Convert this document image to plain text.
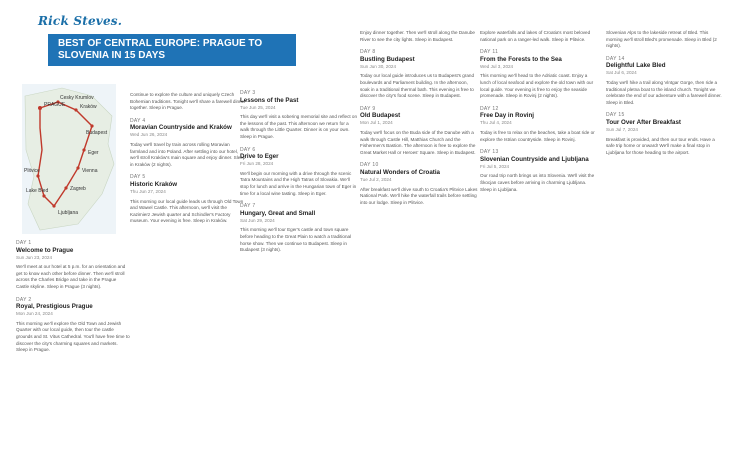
Rick Steves.
BEST OF CENTRAL EUROPE: PRAGUE TO SLOVENIA IN 15 DAYS
PRAGUE
Cesky Krumlov
Kraków
Budapest
Eger
Vienna
Zagreb
Ljubljana
Lake Bled
Plitvice
DAY 1
Welcome to Prague
Sun Jun 23, 2024
We'll meet at our hotel at 5 p.m. for an orientation and get to know each other before dinner. Then we'll stroll across the Charles Bridge and take in the Prague Castle skyline. Sleep in Prague (3 nights).
DAY 2
Royal, Prestigious Prague
Mon Jun 24, 2024
This morning we'll explore the Old Town and Jewish Quarter with our local guide, then tour the castle grounds and St. Vitus Cathedral. You'll have free time to discover the city's charming squares and markets. Sleep in Prague.
Continue to explore the culture and uniquely Czech Bohemian traditions. Tonight we'll share a farewell dinner together. Sleep in Prague.
DAY 4
Moravian Countryside and Kraków
Wed Jun 26, 2024
Today we'll travel by train across rolling Moravian farmland and into Poland. After settling into our hotel, we'll stroll Kraków's main square and enjoy dinner. Sleep in Kraków (2 nights).
DAY 5
Historic Kraków
Thu Jun 27, 2024
This morning our local guide leads us through Old Town and Wawel Castle. This afternoon, we'll visit the Kazimierz Jewish quarter and Schindler's Factory museum. Your evening is free. Sleep in Kraków.
DAY 3
Lessons of the Past
Tue Jun 25, 2024
This day we'll visit a sobering memorial site and reflect on the lessons of the past. This afternoon we return for a walk through the Little Quarter. Dinner is on your own. Sleep in Prague.
DAY 6
Drive to Eger
Fri Jun 28, 2024
We'll begin our morning with a drive through the scenic Tatra Mountains and the High Tatras of Slovakia. We'll stop for lunch and arrive in the Hungarian town of Eger in time for a local wine tasting. Sleep in Eger.
DAY 7
Hungary, Great and Small
Sat Jun 29, 2024
This morning we'll tour Eger's castle and town square before heading to the Great Plain to watch a traditional horse show. Then we continue to Budapest. Sleep in Budapest (3 nights).
Enjoy dinner together. Then we'll stroll along the Danube River to see the city lights. Sleep in Budapest.
DAY 8
Bustling Budapest
Sun Jun 30, 2024
Today our local guide introduces us to Budapest's grand boulevards and Parliament building. In the afternoon, soak in a traditional thermal bath. This evening is free to discover the city's food scene. Sleep in Budapest.
DAY 9
Old Budapest
Mon Jul 1, 2024
Today we'll focus on the Buda side of the Danube with a walk through Castle Hill, Matthias Church and the Fishermen's Bastion. The afternoon is free to explore the Great Market Hall or Heroes' Square. Sleep in Budapest.
DAY 10
Natural Wonders of Croatia
Tue Jul 2, 2024
After breakfast we'll drive south to Croatia's Plitvice Lakes National Park. We'll hike the waterfall trails before settling into our lodge. Sleep in Plitvice.
Explore waterfalls and lakes of Croatia's most beloved national park on a ranger-led walk. Sleep in Plitvice.
DAY 11
From the Forests to the Sea
Wed Jul 3, 2024
This morning we'll head to the Adriatic coast. Enjoy a lunch of local seafood and explore the old town with our local guide. Your evening is free to enjoy the seaside promenade. Sleep in Rovinj (2 nights).
DAY 12
Free Day in Rovinj
Thu Jul 4, 2024
Today is free to relax on the beaches, take a boat ride or explore the Istrian countryside. Sleep in Rovinj.
DAY 13
Slovenian Countryside and Ljubljana
Fri Jul 5, 2024
Our road trip north brings us into Slovenia. We'll visit the Škocjan caves before arriving in charming Ljubljana. Sleep in Ljubljana.
Slovenian Alps to the lakeside retreat of Bled. This morning we'll stroll Bled's promenade. Sleep in Bled (2 nights).
DAY 14
Delightful Lake Bled
Sat Jul 6, 2024
Today we'll hike a trail along Vintgar Gorge, then ride a traditional pletna boat to the island church. Tonight we celebrate the end of our adventure with a farewell dinner. Sleep in Bled.
DAY 15
Tour Over After Breakfast
Sun Jul 7, 2024
Breakfast is provided, and then our tour ends. Have a safe trip home or onward! We'll make a final stop in Ljubljana for those heading to the airport.
